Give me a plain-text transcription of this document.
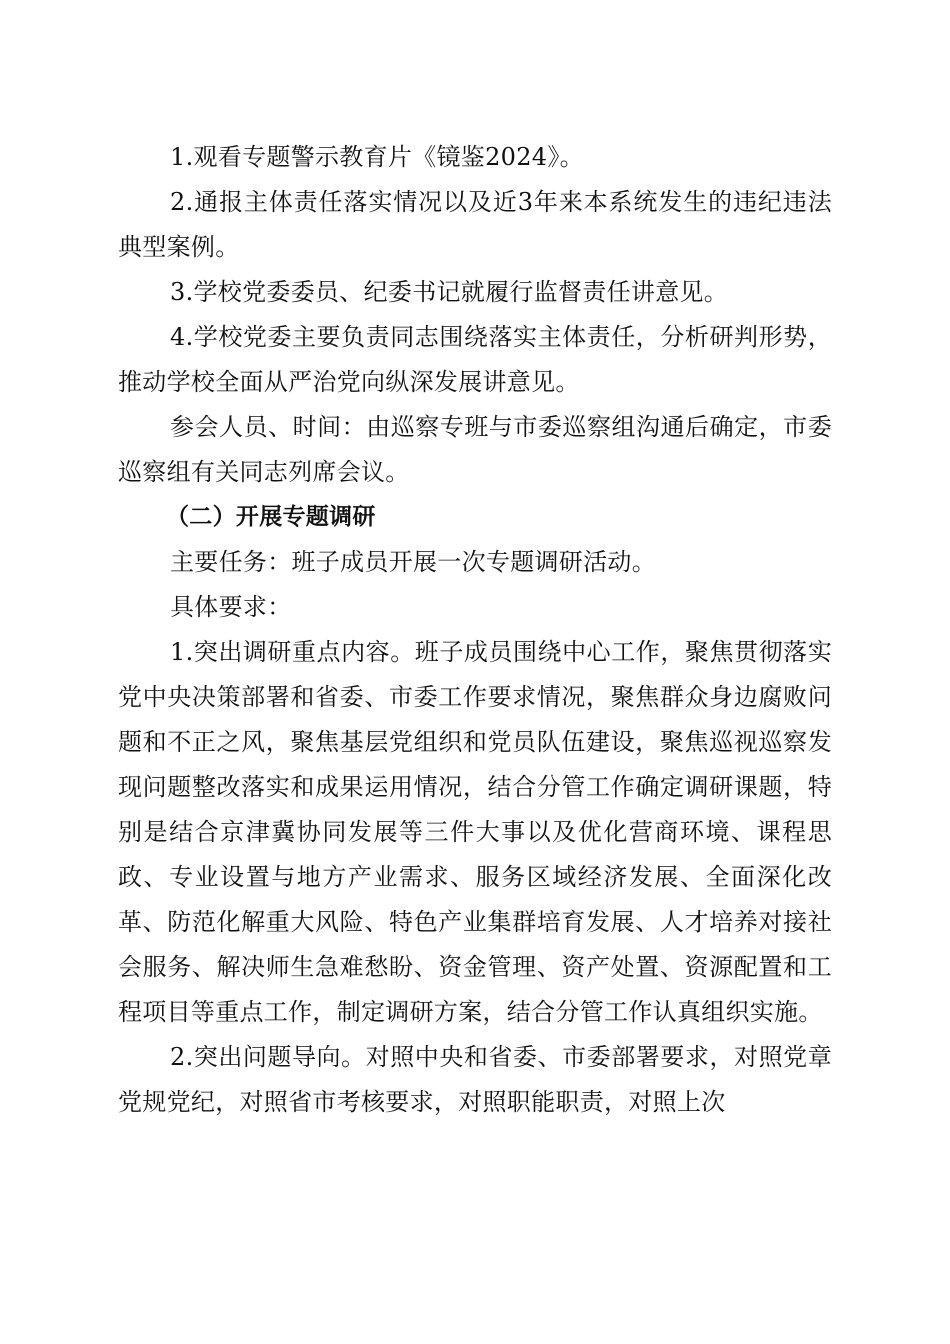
1.观看专题警示教育片《镜鉴2024》。

2.通报主体责任落实情况以及近3年来本系统发生的违纪违法典型案例。

3.学校党委委员、纪委书记就履行监督责任讲意见。

4.学校党委主要负责同志围绕落实主体责任，分析研判形势，推动学校全面从严治党向纵深发展讲意见。

参会人员、时间：由巡察专班与市委巡察组沟通后确定，市委巡察组有关同志列席会议。

（二）开展专题调研

主要任务：班子成员开展一次专题调研活动。

具体要求：

1.突出调研重点内容。班子成员围绕中心工作，聚焦贯彻落实党中央决策部署和省委、市委工作要求情况，聚焦群众身边腐败问题和不正之风，聚焦基层党组织和党员队伍建设，聚焦巡视巡察发现问题整改落实和成果运用情况，结合分管工作确定调研课题，特别是结合京津冀协同发展等三件大事以及优化营商环境、课程思政、专业设置与地方产业需求、服务区域经济发展、全面深化改革、防范化解重大风险、特色产业集群培育发展、人才培养对接社会服务、解决师生急难愁盼、资金管理、资产处置、资源配置和工程项目等重点工作，制定调研方案，结合分管工作认真组织实施。

2.突出问题导向。对照中央和省委、市委部署要求，对照党章党规党纪，对照省市考核要求，对照职能职责，对照上次
